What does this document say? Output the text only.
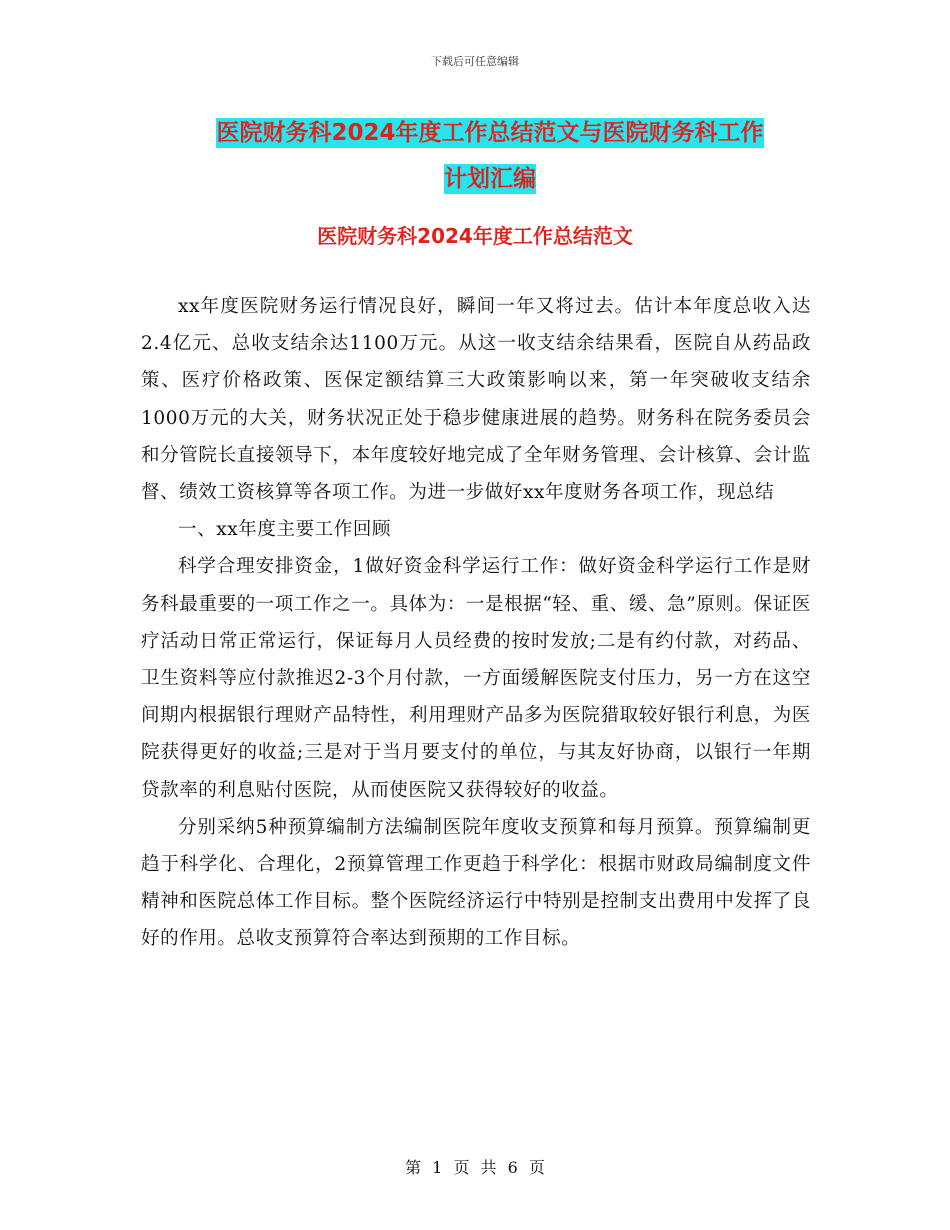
下载后可任意编辑
医院财务科2024年度工作总结范文与医院财务科工作
计划汇编
医院财务科2024年度工作总结范文

xx年度医院财务运行情况良好，瞬间一年又将过去。估计本年度总收入达2.4亿元、总收支结余达1100万元。从这一收支结余结果看，医院自从药品政策、医疗价格政策、医保定额结算三大政策影响以来，第一年突破收支结余1000万元的大关，财务状况正处于稳步健康进展的趋势。财务科在院务委员会和分管院长直接领导下，本年度较好地完成了全年财务管理、会计核算、会计监督、绩效工资核算等各项工作。为进一步做好xx年度财务各项工作，现总结

一、xx年度主要工作回顾

科学合理安排资金，1做好资金科学运行工作：做好资金科学运行工作是财务科最重要的一项工作之一。具体为：一是根据“轻、重、缓、急”原则。保证医疗活动日常正常运行，保证每月人员经费的按时发放;二是有约付款，对药品、卫生资料等应付款推迟2-3个月付款，一方面缓解医院支付压力，另一方在这空间期内根据银行理财产品特性，利用理财产品多为医院猎取较好银行利息，为医院获得更好的收益;三是对于当月要支付的单位，与其友好协商，以银行一年期贷款率的利息贴付医院，从而使医院又获得较好的收益。

分别采纳5种预算编制方法编制医院年度收支预算和每月预算。预算编制更趋于科学化、合理化，2预算管理工作更趋于科学化：根据市财政局编制度文件精神和医院总体工作目标。整个医院经济运行中特别是控制支出费用中发挥了良好的作用。总收支预算符合率达到预期的工作目标。

第 1 页 共 6 页
